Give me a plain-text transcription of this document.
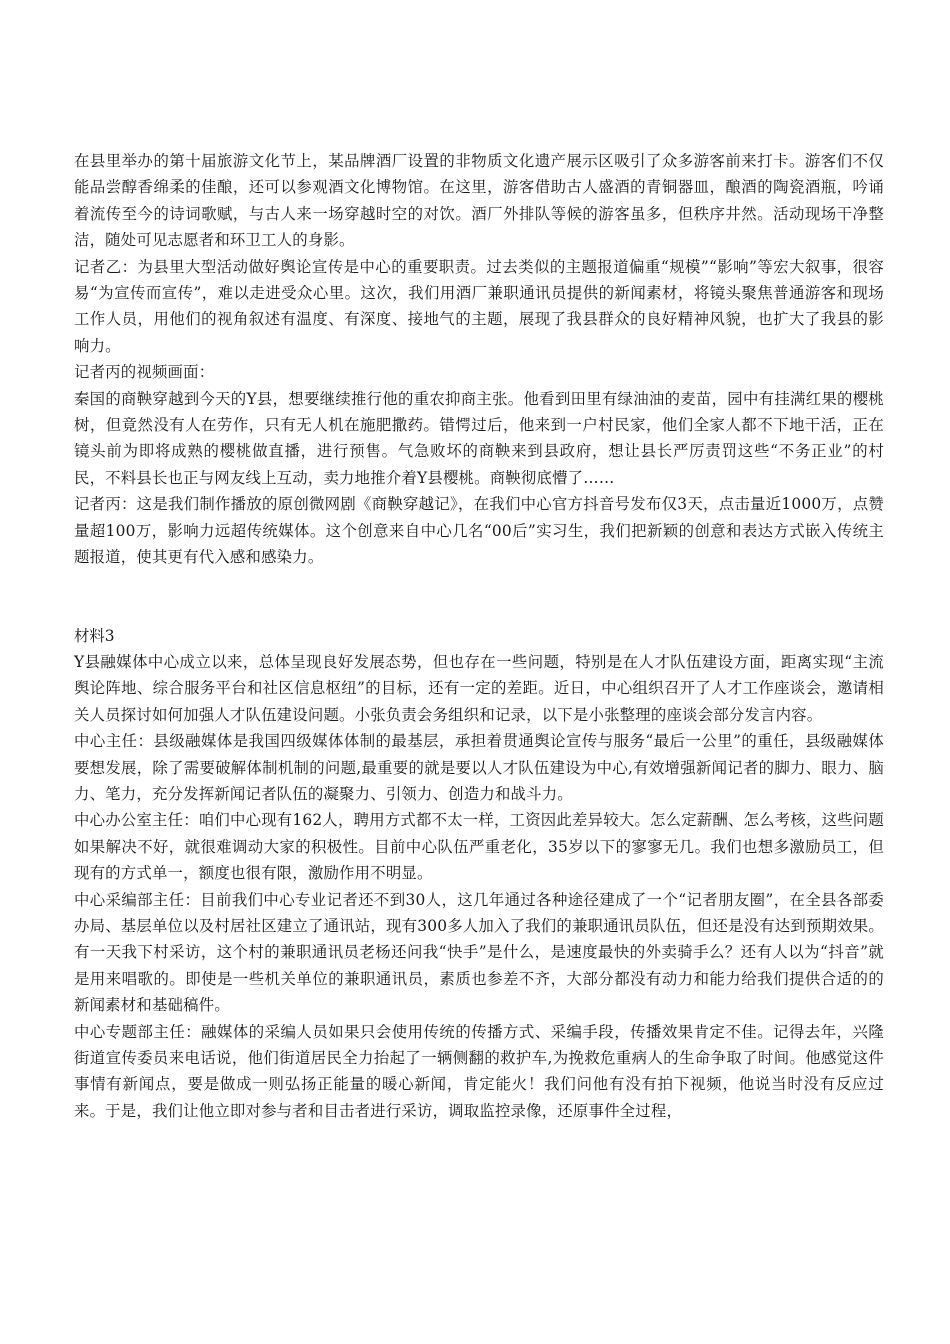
在县里举办的第十届旅游文化节上，某品牌酒厂设置的非物质文化遗产展示区吸引了众多游客前来打卡。游客们不仅能品尝醇香绵柔的佳酿，还可以参观酒文化博物馆。在这里，游客借助古人盛酒的青铜器皿，酿酒的陶瓷酒瓶，吟诵着流传至今的诗词歌赋，与古人来一场穿越时空的对饮。酒厂外排队等候的游客虽多，但秩序井然。活动现场干净整洁，随处可见志愿者和环卫工人的身影。

记者乙：为县里大型活动做好舆论宣传是中心的重要职责。过去类似的主题报道偏重“规模”“影响”等宏大叙事，很容易“为宣传而宣传”，难以走进受众心里。这次，我们用酒厂兼职通讯员提供的新闻素材，将镜头聚焦普通游客和现场工作人员，用他们的视角叙述有温度、有深度、接地气的主题，展现了我县群众的良好精神风貌，也扩大了我县的影响力。

记者丙的视频画面：

秦国的商鞅穿越到今天的Y县，想要继续推行他的重农抑商主张。他看到田里有绿油油的麦苗，园中有挂满红果的樱桃树，但竟然没有人在劳作，只有无人机在施肥撒药。错愕过后，他来到一户村民家，他们全家人都不下地干活，正在镜头前为即将成熟的樱桃做直播，进行预售。气急败坏的商鞅来到县政府，想让县长严厉责罚这些“不务正业”的村民，不料县长也正与网友线上互动，卖力地推介着Y县樱桃。商鞅彻底懵了……

记者丙：这是我们制作播放的原创微网剧《商鞅穿越记》，在我们中心官方抖音号发布仅3天，点击量近1000万，点赞量超100万，影响力远超传统媒体。这个创意来自中心几名“00后”实习生，我们把新颖的创意和表达方式嵌入传统主题报道，使其更有代入感和感染力。

材料3

Y县融媒体中心成立以来，总体呈现良好发展态势，但也存在一些问题，特别是在人才队伍建设方面，距离实现“主流舆论阵地、综合服务平台和社区信息枢纽”的目标，还有一定的差距。近日，中心组织召开了人才工作座谈会，邀请相关人员探讨如何加强人才队伍建设问题。小张负责会务组织和记录，以下是小张整理的座谈会部分发言内容。

中心主任：县级融媒体是我国四级媒体体制的最基层，承担着贯通舆论宣传与服务“最后一公里”的重任，县级融媒体要想发展，除了需要破解体制机制的问题,最重要的就是要以人才队伍建设为中心,有效增强新闻记者的脚力、眼力、脑力、笔力，充分发挥新闻记者队伍的凝聚力、引领力、创造力和战斗力。

中心办公室主任：咱们中心现有162人，聘用方式都不太一样，工资因此差异较大。怎么定薪酬、怎么考核，这些问题如果解决不好，就很难调动大家的积极性。目前中心队伍严重老化，35岁以下的寥寥无几。我们也想多激励员工，但现有的方式单一，额度也很有限，激励作用不明显。

中心采编部主任：目前我们中心专业记者还不到30人，这几年通过各种途径建成了一个“记者朋友圈”，在全县各部委办局、基层单位以及村居社区建立了通讯站，现有300多人加入了我们的兼职通讯员队伍，但还是没有达到预期效果。有一天我下村采访，这个村的兼职通讯员老杨还问我“快手”是什么，是速度最快的外卖骑手么？还有人以为“抖音”就是用来唱歌的。即使是一些机关单位的兼职通讯员，素质也参差不齐，大部分都没有动力和能力给我们提供合适的的新闻素材和基础稿件。

中心专题部主任：融媒体的采编人员如果只会使用传统的传播方式、采编手段，传播效果肯定不佳。记得去年，兴隆街道宣传委员来电话说，他们街道居民全力抬起了一辆侧翻的救护车,为挽救危重病人的生命争取了时间。他感觉这件事情有新闻点，要是做成一则弘扬正能量的暖心新闻，肯定能火！我们问他有没有拍下视频，他说当时没有反应过来。于是，我们让他立即对参与者和目击者进行采访，调取监控录像，还原事件全过程，
